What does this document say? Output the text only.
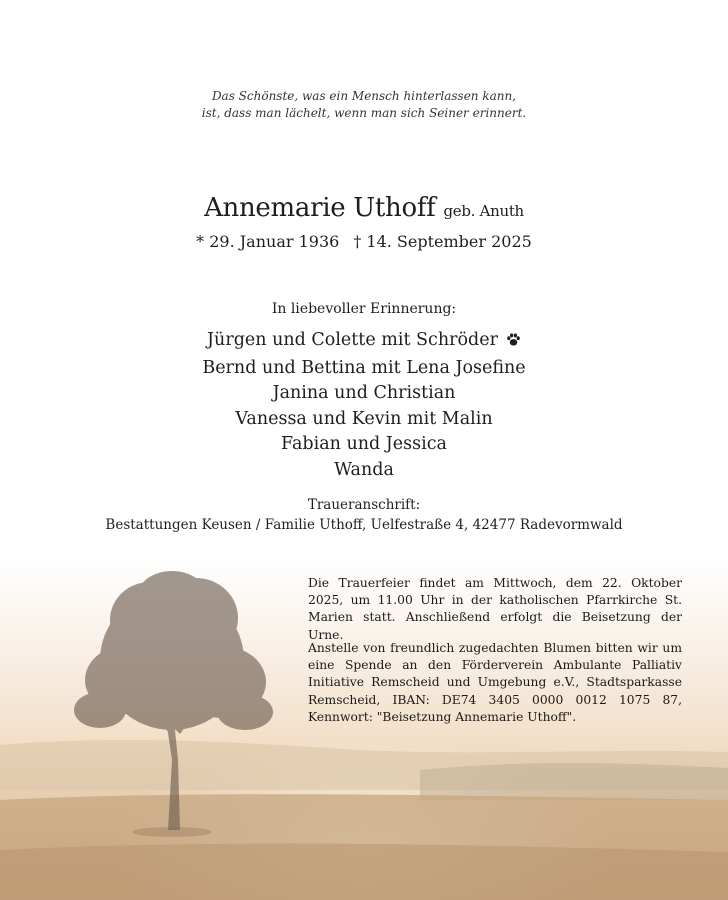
Das Schönste, was ein Mensch hinterlassen kann,
ist, dass man lächelt, wenn man sich Seiner erinnert.
Annemarie Uthoff geb. Anuth
* 29. Januar 1936 † 14. September 2025
In liebevoller Erinnerung:
Jürgen und Colette mit Schröder
Bernd und Bettina mit Lena Josefine
Janina und Christian
Vanessa und Kevin mit Malin
Fabian und Jessica
Wanda
Traueranschrift:
Bestattungen Keusen / Familie Uthoff, Uelfestraße 4, 42477 Radevormwald
Die Trauerfeier findet am Mittwoch, dem 22. Oktober 2025, um 11.00 Uhr in der katholischen Pfarrkirche St. Marien statt. Anschließend erfolgt die Beisetzung der Urne.
Anstelle von freundlich zugedachten Blumen bitten wir um eine Spende an den Förderverein Ambulante Palliativ Initiative Remscheid und Umgebung e.V., Stadtsparkasse Remscheid, IBAN: DE74 3405 0000 0012 1075 87, Kennwort: "Beisetzung Annemarie Uthoff".
